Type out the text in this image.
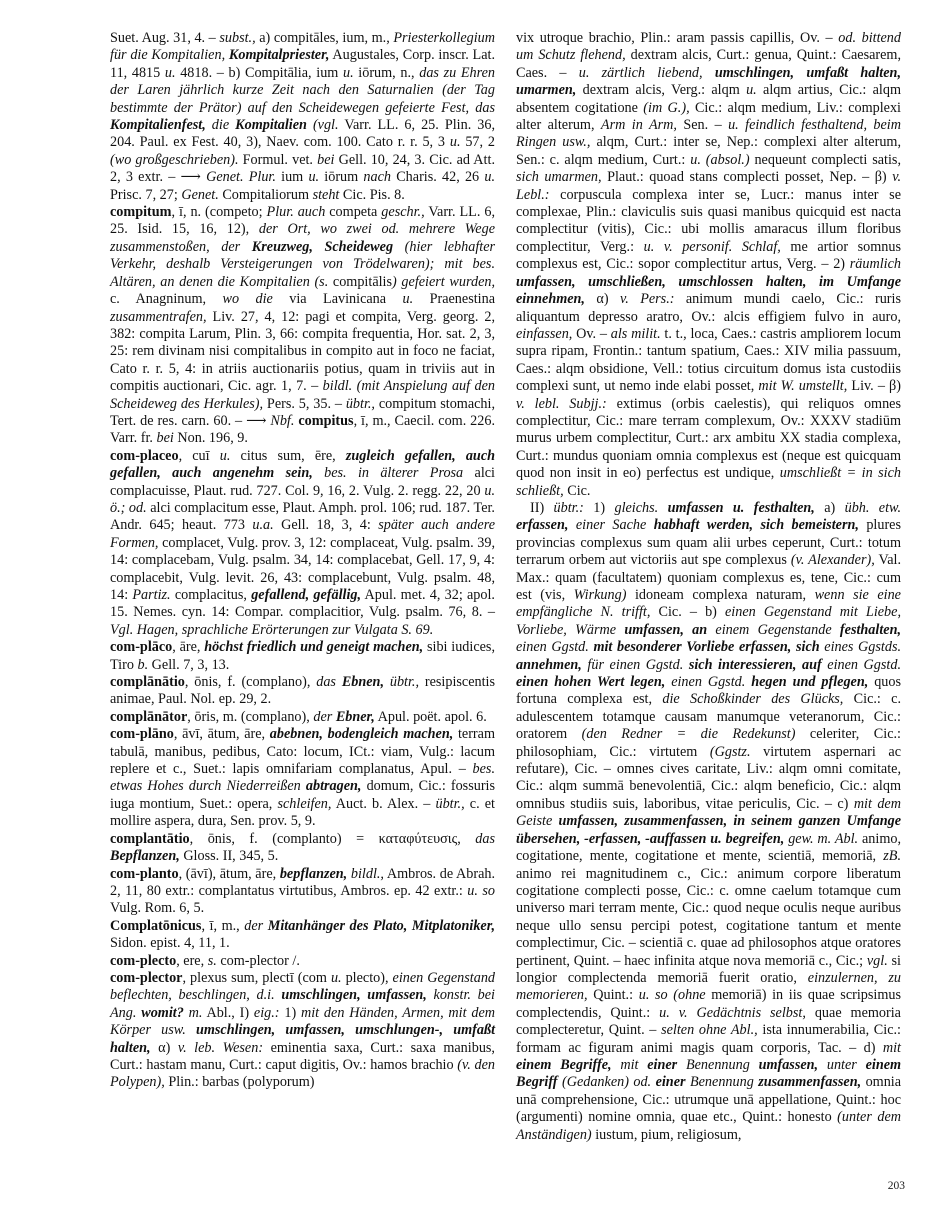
Suet. Aug. 31, 4. – subst., a) compitāles, ium, m., Priesterkollegium für die Kompitalien, Kompitalpriester, Augustales, Corp. inscr. Lat. 11, 4815 u. 4818. – b) Compitālia, ium u. iōrum, n., das zu Ehren der Laren jährlich kurze Zeit nach den Saturnalien (der Tag bestimmte der Prätor) auf den Scheidewegen gefeierte Fest, das Kompitalienfest, die Kompitalien (vgl. Varr. LL. 6, 25. Plin. 36, 204. Paul. ex Fest. 40, 3), Naev. com. 100. Cato r. r. 5, 3 u. 57, 2 (wo großgeschrieben). Formul. vet. bei Gell. 10, 24, 3. Cic. ad Att. 2, 3 extr. – ⟶ Genet. Plur. ium u. iōrum nach Charis. 42, 26 u. Prisc. 7, 27; Genet. Compitaliorum steht Cic. Pis. 8.

compitum, ī, n. (competo; Plur. auch competa geschr., Varr. LL. 6, 25. Isid. 15, 16, 12), der Ort, wo zwei od. mehrere Wege zusammenstoßen, der Kreuzweg, Scheideweg (hier lebhafter Verkehr, deshalb Versteigerungen von Trödelwaren); mit bes. Altären, an denen die Kompitalien (s. compitālis) gefeiert wurden, c. Anagninum, wo die via Lavinicana u. Praenestina zusammentrafen, Liv. 27, 4, 12: pagi et compita, Verg. georg. 2, 382: compita Larum, Plin. 3, 66: compita frequentia, Hor. sat. 2, 3, 25: rem divinam nisi compitalibus in compito aut in foco ne faciat, Cato r. r. 5, 4: in atriis auctionariis potius, quam in triviis aut in compitis auctionari, Cic. agr. 1, 7. – bildl. (mit Anspielung auf den Scheideweg des Herkules), Pers. 5, 35. – übtr., compitum stomachi, Tert. de res. carn. 60. – ⟶ Nbf. compitus, ī, m., Caecil. com. 226. Varr. fr. bei Non. 196, 9.

com-placeo, cuī u. citus sum, ēre, zugleich gefallen, auch gefallen, auch angenehm sein, bes. in älterer Prosa alci complacuisse, Plaut. rud. 727. Col. 9, 16, 2. Vulg. 2. regg. 22, 20 u. ö.; od. alci complacitum esse, Plaut. Amph. prol. 106; rud. 187. Ter. Andr. 645; heaut. 773 u.a. Gell. 18, 3, 4: später auch andere Formen, complacet, Vulg. prov. 3, 12: complaceat, Vulg. psalm. 39, 14: complacebam, Vulg. psalm. 34, 14: complacebat, Gell. 17, 9, 4: complacebit, Vulg. levit. 26, 43: complacebunt, Vulg. psalm. 48, 14: Partiz. complacitus, gefallend, gefällig, Apul. met. 4, 32; apol. 15. Nemes. cyn. 14: Compar. complacitior, Vulg. psalm. 76, 8. – Vgl. Hagen, sprachliche Erörterungen zur Vulgata S. 69.

com-plāco, āre, höchst friedlich und geneigt machen, sibi iudices, Tiro b. Gell. 7, 3, 13.

complānātio, ōnis, f. (complano), das Ebnen, übtr., resipiscentis animae, Paul. Nol. ep. 29, 2.

complānātor, ōris, m. (complano), der Ebner, Apul. poët. apol. 6.

com-plāno, āvī, ātum, āre, abebnen, bodengleich machen, terram tabulā, manibus, pedibus, Cato: locum, ICt.: viam, Vulg.: lacum replere et c., Suet.: lapis omnifariam complanatus, Apul. – bes. etwas Hohes durch Niederreißen abtragen, domum, Cic.: fossuris iuga montium, Suet.: opera, schleifen, Auct. b. Alex. – übtr., c. et mollire aspera, dura, Sen. prov. 5, 9.

complantātio, ōnis, f. (complanto) = καταφύτευσις, das Bepflanzen, Gloss. II, 345, 5.

com-planto, (āvī), ātum, āre, bepflanzen, bildl., Ambros. de Abrah. 2, 11, 80 extr.: complantatus virtutibus, Ambros. ep. 42 extr.: u. so Vulg. Rom. 6, 5.

Complatōnicus, ī, m., der Mitanhänger des Plato, Mitplatoniker, Sidon. epist. 4, 11, 1.

com-plecto, ere, s. com-plector /.

com-plector, plexus sum, plectī (com u. plecto), einen Gegenstand beflechten, beschlingen, d.i. umschlingen, umfassen, konstr. bei Ang. womit? m. Abl., I) eig.: 1) mit den Händen, Armen, mit dem Körper usw. umschlingen, umfassen, umschlungen-, umfaßt halten, α) v. leb. Wesen: eminentia saxa, Curt.: saxa manibus, Curt.: hastam manu, Curt.: caput digitis, Ov.: hamos brachio (v. den Polypen), Plin.: barbas (polyporum)

vix utroque brachio, Plin.: aram passis capillis, Ov. – od. bittend um Schutz flehend, dextram alcis, Curt.: genua, Quint.: Caesarem, Caes. – u. zärtlich liebend, umschlingen, umfaßt halten, umarmen, dextram alcis, Verg.: alqm u. alqm artius, Cic.: alqm absentem cogitatione (im G.), Cic.: alqm medium, Liv.: complexi alter alterum, Arm in Arm, Sen. – u. feindlich festhaltend, beim Ringen usw., alqm, Curt.: inter se, Nep.: complexi alter alterum, Sen.: c. alqm medium, Curt.: u. (absol.) nequeunt complecti satis, sich umarmen, Plaut.: quoad stans complecti posset, Nep. – β) v. Lebl.: corpuscula complexa inter se, Lucr.: manus inter se complexae, Plin.: claviculis suis quasi manibus quicquid est nacta complectitur (vitis), Cic.: ubi mollis amaracus illum floribus complectitur, Verg.: u. v. personif. Schlaf, me artior somnus complexus est, Cic.: sopor complectitur artus, Verg. – 2) räumlich umfassen, umschließen, umschlossen halten, im Umfange einnehmen, α) v. Pers.: animum mundi caelo, Cic.: ruris aliquantum depresso aratro, Ov.: alcis effigiem fulvo in auro, einfassen, Ov. – als milit. t. t., loca, Caes.: castris ampliorem locum supra ripam, Frontin.: tantum spatium, Caes.: XIV milia passuum, Caes.: alqm obsidione, Vell.: totius circuitum domus ista custodiis complexi sunt, ut nemo inde elabi posset, mit W. umstellt, Liv. – β) v. lebl. Subjj.: extimus (orbis caelestis), qui reliquos omnes complectitur, Cic.: mare terram complexum, Ov.: XXXV stadiūm murus urbem complectitur, Curt.: arx ambitu XX stadia complexa, Curt.: mundus quoniam omnia complexus est (neque est quicquam quod non insit in eo) perfectus est undique, umschließt = in sich schließt, Cic.

II) übtr.: 1) gleichs. umfassen u. festhalten, a) übh. etw. erfassen, einer Sache habhaft werden, sich bemeistern, plures provincias complexus sum quam alii urbes ceperunt, Curt.: totum terrarum orbem aut victoriis aut spe complexus (v. Alexander), Val. Max.: quam (facultatem) quoniam complexus es, tene, Cic.: cum est (vis, Wirkung) idoneam complexa naturam, wenn sie eine empfängliche N. trifft, Cic. – b) einen Gegenstand mit Liebe, Vorliebe, Wärme umfassen, an einem Gegenstande festhalten, einen Ggstd. mit besonderer Vorliebe erfassen, sich eines Ggstds. annehmen, für einen Ggstd. sich interessieren, auf einen Ggstd. einen hohen Wert legen, einen Ggstd. hegen und pflegen, quos fortuna complexa est, die Schoßkinder des Glücks, Cic.: c. adulescentem totamque causam manumque veteranorum, Cic.: oratorem (den Redner = die Redekunst) celeriter, Cic.: philosophiam, Cic.: virtutem (Ggstz. virtutem aspernari ac refutare), Cic. – omnes cives caritate, Liv.: alqm omni comitate, Cic.: alqm summā benevolentiā, Cic.: alqm beneficio, Cic.: alqm omnibus studiis suis, laboribus, vitae periculis, Cic. – c) mit dem Geiste umfassen, zusammenfassen, in seinem ganzen Umfange übersehen, -erfassen, -auffassen u. begreifen, gew. m. Abl. animo, cogitatione, mente, cogitatione et mente, scientiā, memoriā, zB. animo rei magnitudinem c., Cic.: animum corpore liberatum cogitatione complecti posse, Cic.: c. omne caelum totamque cum universo mari terram mente, Cic.: quod neque oculis neque auribus neque ullo sensu percipi potest, cogitatione tantum et mente complectimur, Cic. – scientiā c. quae ad philosophos atque oratores pertinent, Quint. – haec infinita atque nova memoriā c., Cic.; vgl. si longior complectenda memoriā fuerit oratio, einzulernen, zu memorieren, Quint.: u. so (ohne memoriā) in iis quae scripsimus complectendis, Quint.: u. v. Gedächtnis selbst, quae memoria complecteretur, Quint. – selten ohne Abl., ista innumerabilia, Cic.: formam ac figuram animi magis quam corporis, Tac. – d) mit einem Begriffe, mit einer Benennung umfassen, unter einem Begriff (Gedanken) od. einer Benennung zusammenfassen, omnia unā comprehensione, Cic.: utrumque unā appellatione, Quint.: hoc (argumenti) nomine omnia, quae etc., Quint.: honesto (unter dem Anständigen) iustum, pium, religiosum,

203
